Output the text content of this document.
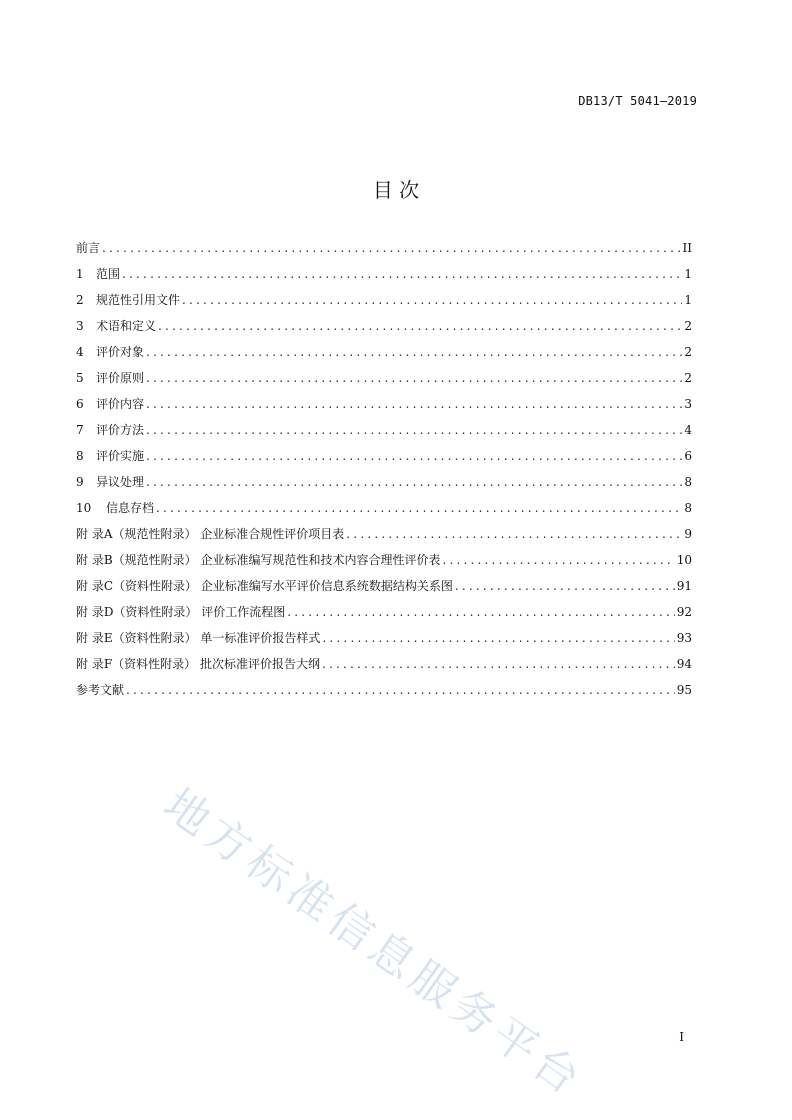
DB13/T 5041—2019
目 次
前言 .....	II
1	范围 .....	1
2	规范性引用文件 .....	1
3	术语和定义 .....	2
4	评价对象 .....	2
5	评价原则 .....	2
6	评价内容 .....	3
7	评价方法 .....	4
8	评价实施 .....	6
9	异议处理 .....	8
10	信息存档 .....	8
附 录A（规范性附录） 企业标准合规性评价项目表 .....	9
附 录B（规范性附录） 企业标准编写规范性和技术内容合理性评价表 .....	10
附 录C（资料性附录） 企业标准编写水平评价信息系统数据结构关系图 .....	91
附 录D（资料性附录） 评价工作流程图 .....	92
附 录E（资料性附录） 单一标准评价报告样式 .....	93
附 录F（资料性附录） 批次标准评价报告大纲 .....	94
参考文献 .....	95
地方标准信息服务平台	I
